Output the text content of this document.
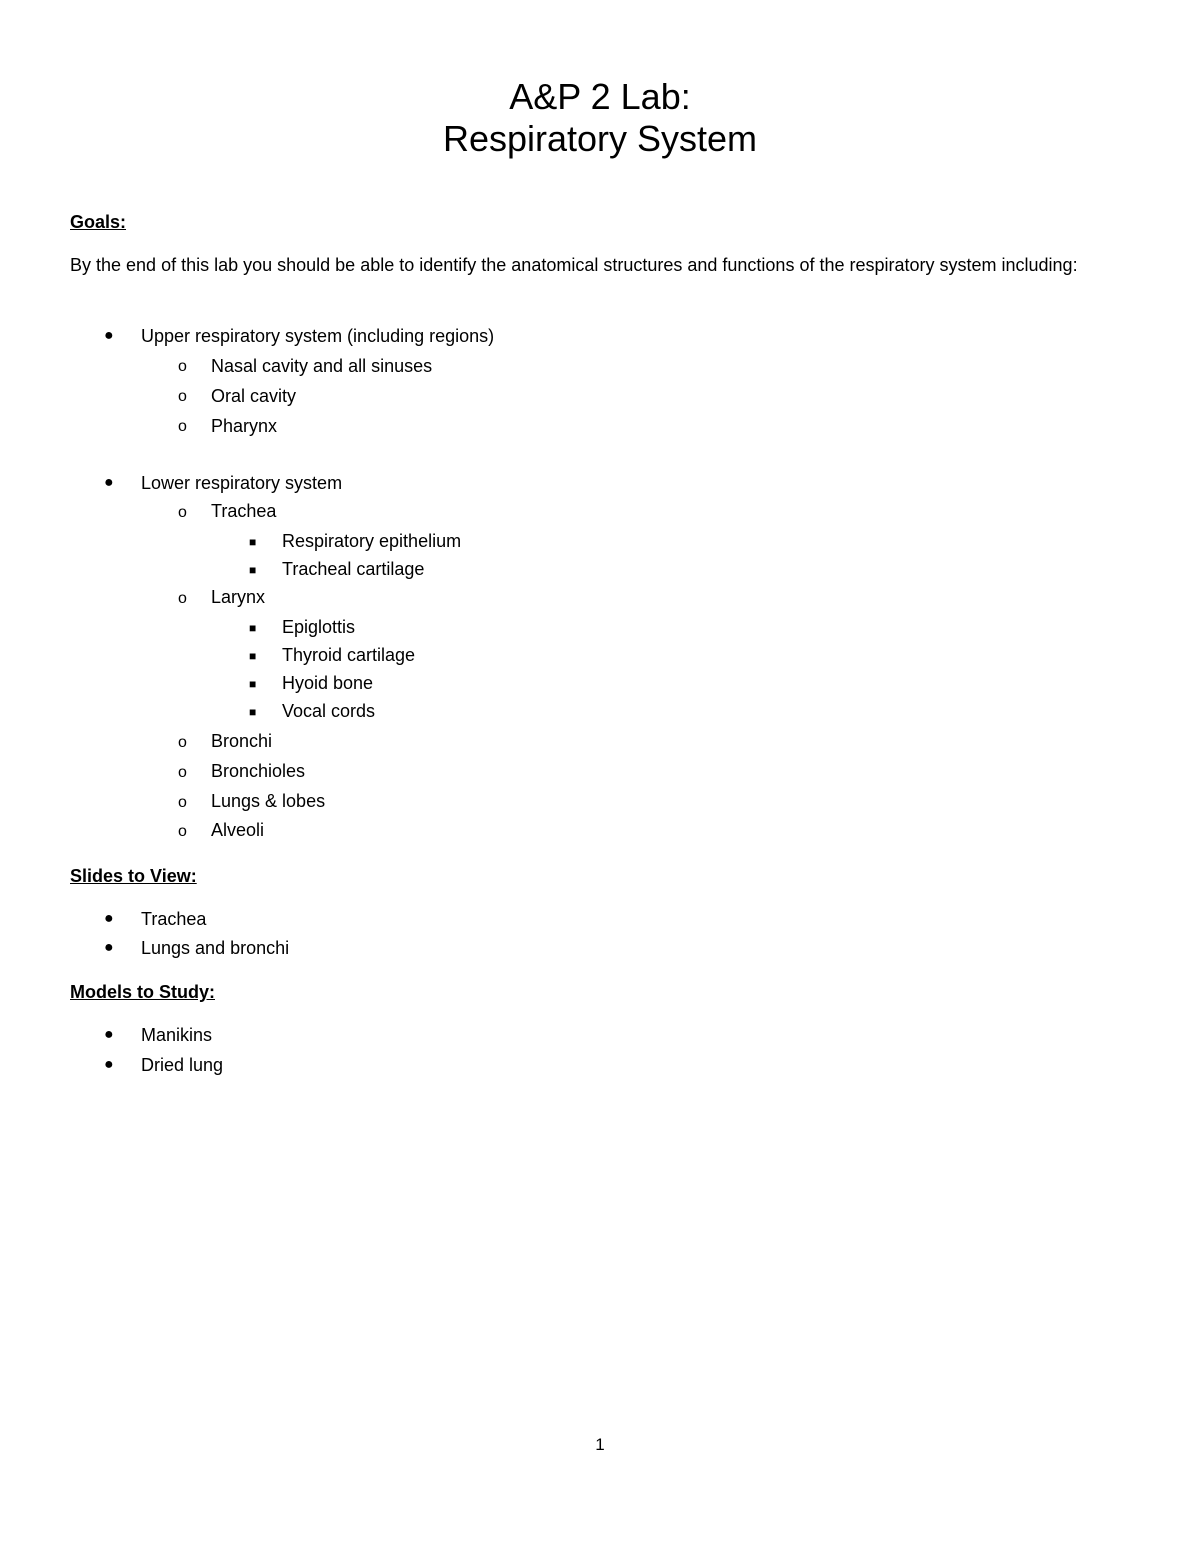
A&P 2 Lab:
Respiratory System
Goals:
By the end of this lab you should be able to identify the anatomical structures and functions of the respiratory system including:
● Upper respiratory system (including regions)
o Nasal cavity and all sinuses
o Oral cavity
o Pharynx
● Lower respiratory system
o Trachea
■ Respiratory epithelium
■ Tracheal cartilage
o Larynx
■ Epiglottis
■ Thyroid cartilage
■ Hyoid bone
■ Vocal cords
o Bronchi
o Bronchioles
o Lungs & lobes
o Alveoli
Slides to View:
● Trachea
● Lungs and bronchi
Models to Study:
● Manikins
● Dried lung
1
